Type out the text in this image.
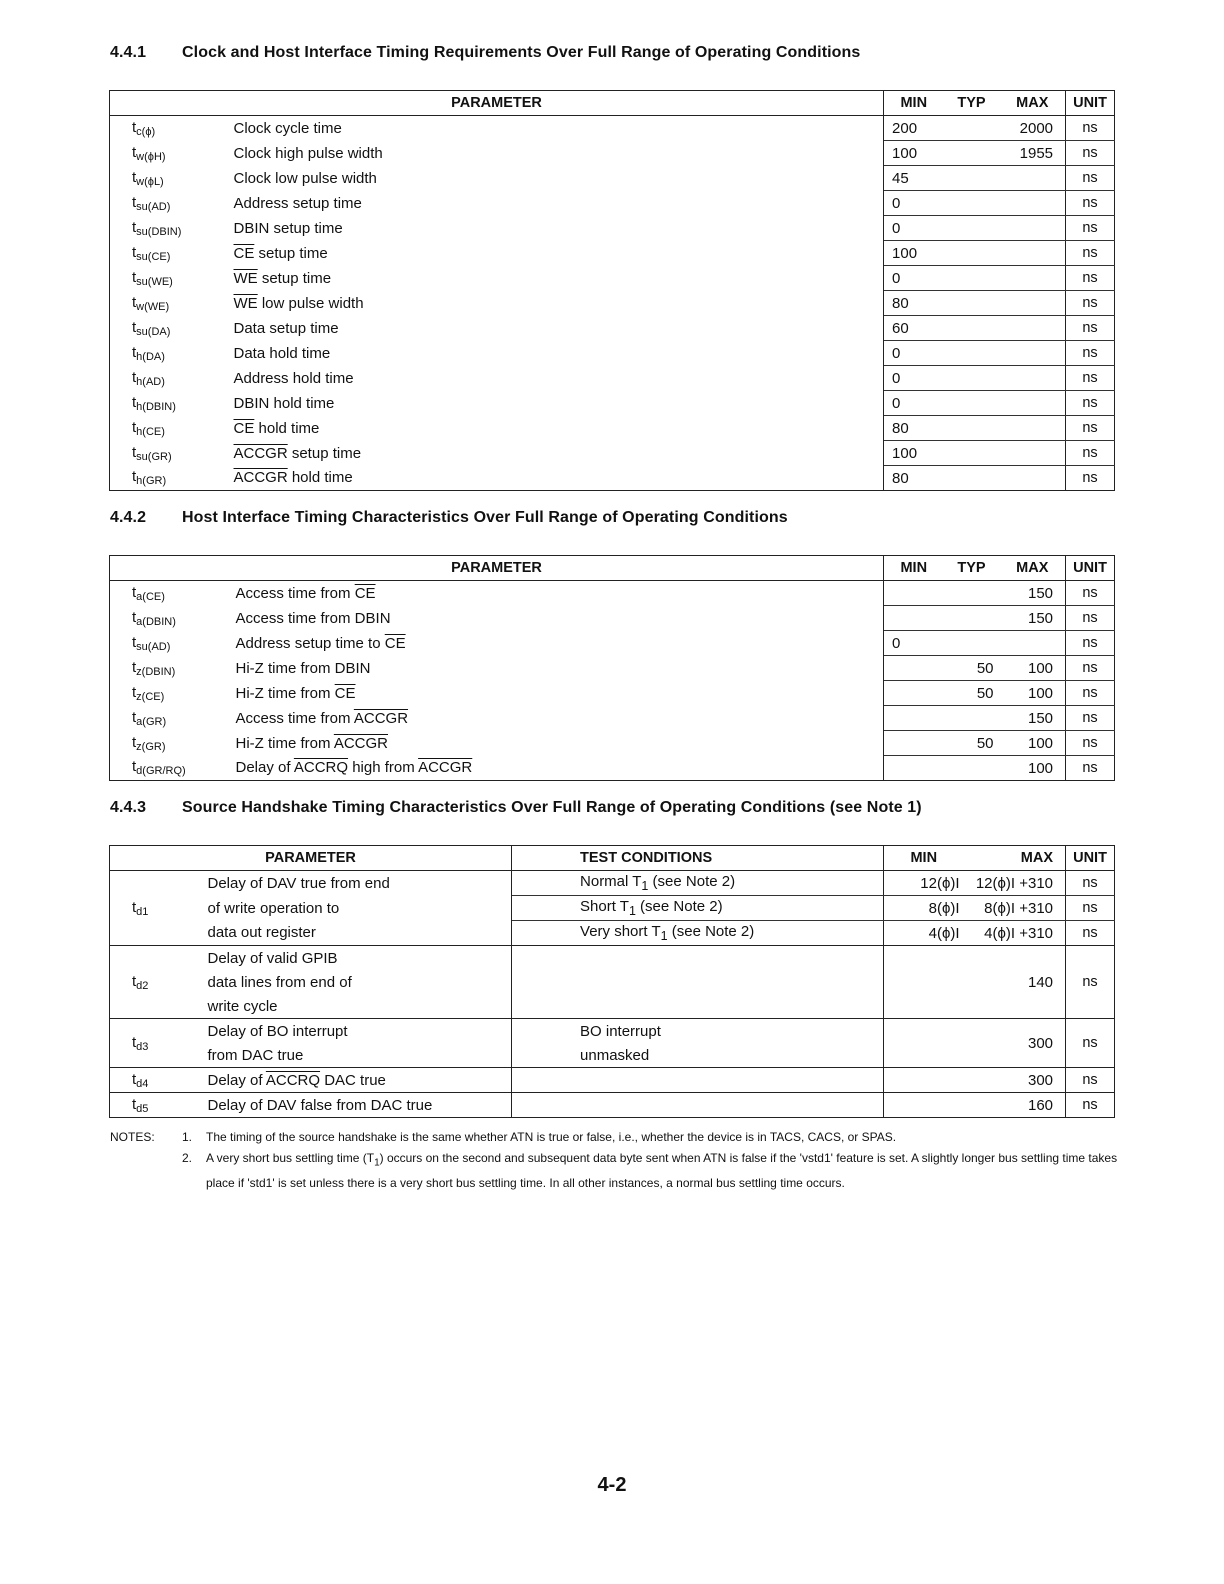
4.4.1 Clock and Host Interface Timing Requirements Over Full Range of Operating Conditions
PARAMETER		MIN	TYP	MAX	UNIT
$t_{c(\phi)}$	Clock cycle time	200		2000	ns
$t_{w(\phi H)}$	Clock high pulse width	100		1955	ns
$t_{w(\phi L)}$	Clock low pulse width	45			ns
$t_{su(AD)}$	Address setup time	0			ns
$t_{su(DBIN)}$	DBIN setup time	0			ns
$t_{su(CE)}$	$\overline{CE}$ setup time	100			ns
$t_{su(WE)}$	$\overline{WE}$ setup time	0			ns
$t_{w(WE)}$	$\overline{WE}$ low pulse width	80			ns
$t_{su(DA)}$	Data setup time	60			ns
$t_{h(DA)}$	Data hold time	0			ns
$t_{h(AD)}$	Address hold time	0			ns
$t_{h(DBIN)}$	DBIN hold time	0			ns
$t_{h(CE)}$	$\overline{CE}$ hold time	80			ns
$t_{su(GR)}$	ACCGR setup time	100			ns
$t_{h(GR)}$	ACCGR hold time	80			ns
4.4.2 Host Interface Timing Characteristics Over Full Range of Operating Conditions
PARAMETER		MIN	TYP	MAX	UNIT
$t_{a(CE)}$	Access time from $\overline{CE}$			150	ns
$t_{a(DBIN)}$	Access time from DBIN			150	ns
$t_{su(AD)}$	Address setup time to $\overline{CE}$	0			ns
$t_{z(DBIN)}$	Hi-Z time from DBIN		50	100	ns
$t_{z(CE)}$	Hi-Z time from $\overline{CE}$		50	100	ns
$t_{a(GR)}$	Access time from ACCGR			150	ns
$t_{z(GR)}$	Hi-Z time from ACCGR		50	100	ns
$t_{d(GR/RQ)}$	Delay of ACCRQ high from ACCGR			100	ns
4.4.3 Source Handshake Timing Characteristics Over Full Range of Operating Conditions (see Note 1)
PARAMETER		TEST CONDITIONS	MIN	MAX	UNIT
$t_{d1}$	Delay of DAV true from end	Normal $T_1$ (see Note 2)	12(ϕ)I	12(ϕ)I +310	ns
	of write operation to	Short $T_1$ (see Note 2)	8(ϕ)I	8(ϕ)I +310	ns
	data out register	Very short $T_1$ (see Note 2)	4(ϕ)I	4(ϕ)I +310	ns
$t_{d2}$	Delay of valid GPIB			140	ns
	data lines from end of				
	write cycle				
$t_{d3}$	Delay of BO interrupt	BO interrupt		300	ns
	from DAC true	unmasked			
$t_{d4}$	Delay of ACCRQ DAC true			300	ns
$t_{d5}$	Delay of DAV false from DAC true			160	ns
NOTES: 1. The timing of the source handshake is the same whether ATN is true or false, i.e., whether the device is in TACS, CACS, or SPAS.
2. A very short bus settling time $(T_1)$ occurs on the second and subsequent data byte sent when ATN is false if the 'vstd1' feature is set. A slightly longer bus settling time takes place if 'std1' is set unless there is a very short bus settling time. In all other instances, a normal bus settling time occurs.
4-2
